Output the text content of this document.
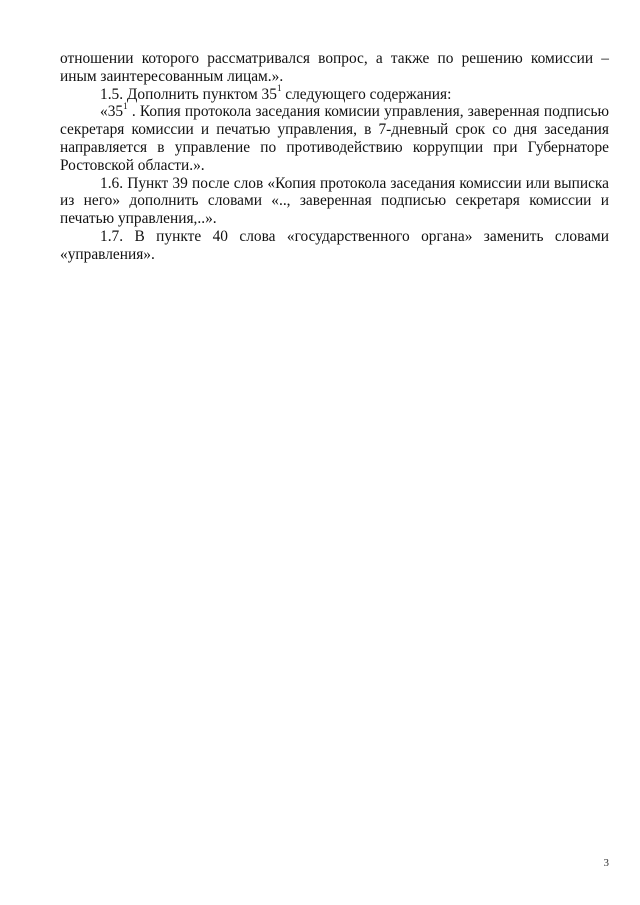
отношении которого рассматривался вопрос, а также по решению комиссии – иным заинтересованным лицам.».

1.5. Дополнить пунктом $35^1$ следующего содержания:

«$35^1$ . Копия протокола заседания комисии управления, заверенная подписью секретаря комиссии и печатью управления, в 7-дневный срок со дня заседания направляется в управление по противодействию коррупции при Губернаторе Ростовской области.».

1.6. Пункт 39 после слов «Копия протокола заседания комиссии или выписка из него» дополнить словами «.., заверенная подписью секретаря комиссии и печатью управления,..».

1.7. В пункте 40 слова «государственного органа» заменить словами «управления».

3
